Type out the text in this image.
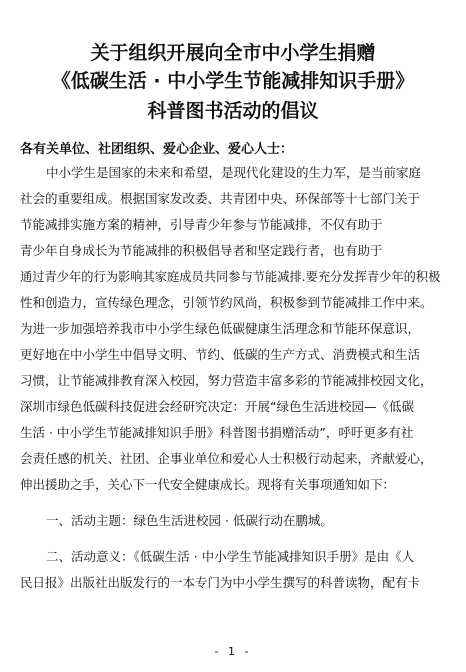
关于组织开展向全市中小学生捐赠
《低碳生活 · 中小学生节能减排知识手册》
科普图书活动的倡议
各有关单位、社团组织、爱心企业、爱心人士：
中小学生是国家的未来和希望，是现代化建设的生力军，是当前家庭
社会的重要组成。根据国家发改委、共青团中央、环保部等十七部门关于
节能减排实施方案的精神，引导青少年参与节能减排，不仅有助于
青少年自身成长为节能减排的积极倡导者和坚定践行者，也有助于
通过青少年的行为影响其家庭成员共同参与节能减排.要充分发挥青少年的积极
性和创造力，宣传绿色理念，引领节约风尚，积极参到节能减排工作中来。
为进一步加强培养我市中小学生绿色低碳健康生活理念和节能环保意识，
更好地在中小学生中倡导文明、节约、低碳的生产方式、消费模式和生活
习惯，让节能减排教育深入校园，努力营造丰富多彩的节能减排校园文化，
深圳市绿色低碳科技促进会经研究决定：开展“绿色生活进校园—《低碳
生活 · 中小学生节能减排知识手册》科普图书捐赠活动”，呼吁更多有社
会责任感的机关、社团、企事业单位和爱心人士积极行动起来，齐献爱心，
伸出援助之手，关心下一代安全健康成长。现将有关事项通知如下：
一、活动主题：绿色生活进校园 · 低碳行动在鹏城。
二、活动意义：《低碳生活 · 中小学生节能减排知识手册》是由《人
民日报》出版社出版发行的一本专门为中小学生撰写的科普读物，配有卡
- 1 -
